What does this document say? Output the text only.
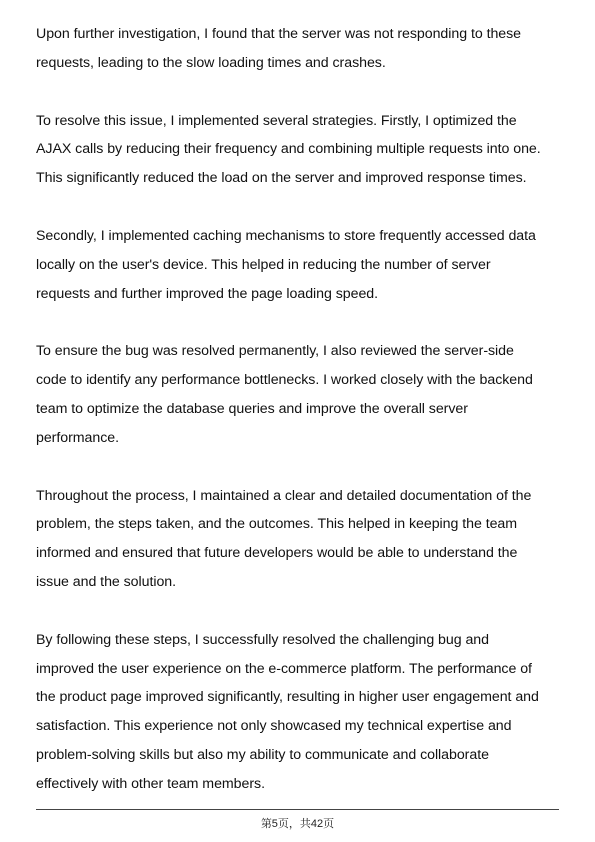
Upon further investigation, I found that the server was not responding to these
requests, leading to the slow loading times and crashes.

To resolve this issue, I implemented several strategies. Firstly, I optimized the
AJAX calls by reducing their frequency and combining multiple requests into one.
This significantly reduced the load on the server and improved response times.

Secondly, I implemented caching mechanisms to store frequently accessed data
locally on the user's device. This helped in reducing the number of server
requests and further improved the page loading speed.

To ensure the bug was resolved permanently, I also reviewed the server-side
code to identify any performance bottlenecks. I worked closely with the backend
team to optimize the database queries and improve the overall server
performance.

Throughout the process, I maintained a clear and detailed documentation of the
problem, the steps taken, and the outcomes. This helped in keeping the team
informed and ensured that future developers would be able to understand the
issue and the solution.

By following these steps, I successfully resolved the challenging bug and
improved the user experience on the e-commerce platform. The performance of
the product page improved significantly, resulting in higher user engagement and
satisfaction. This experience not only showcased my technical expertise and
problem-solving skills but also my ability to communicate and collaborate
effectively with other team members.

第5页，共42页
